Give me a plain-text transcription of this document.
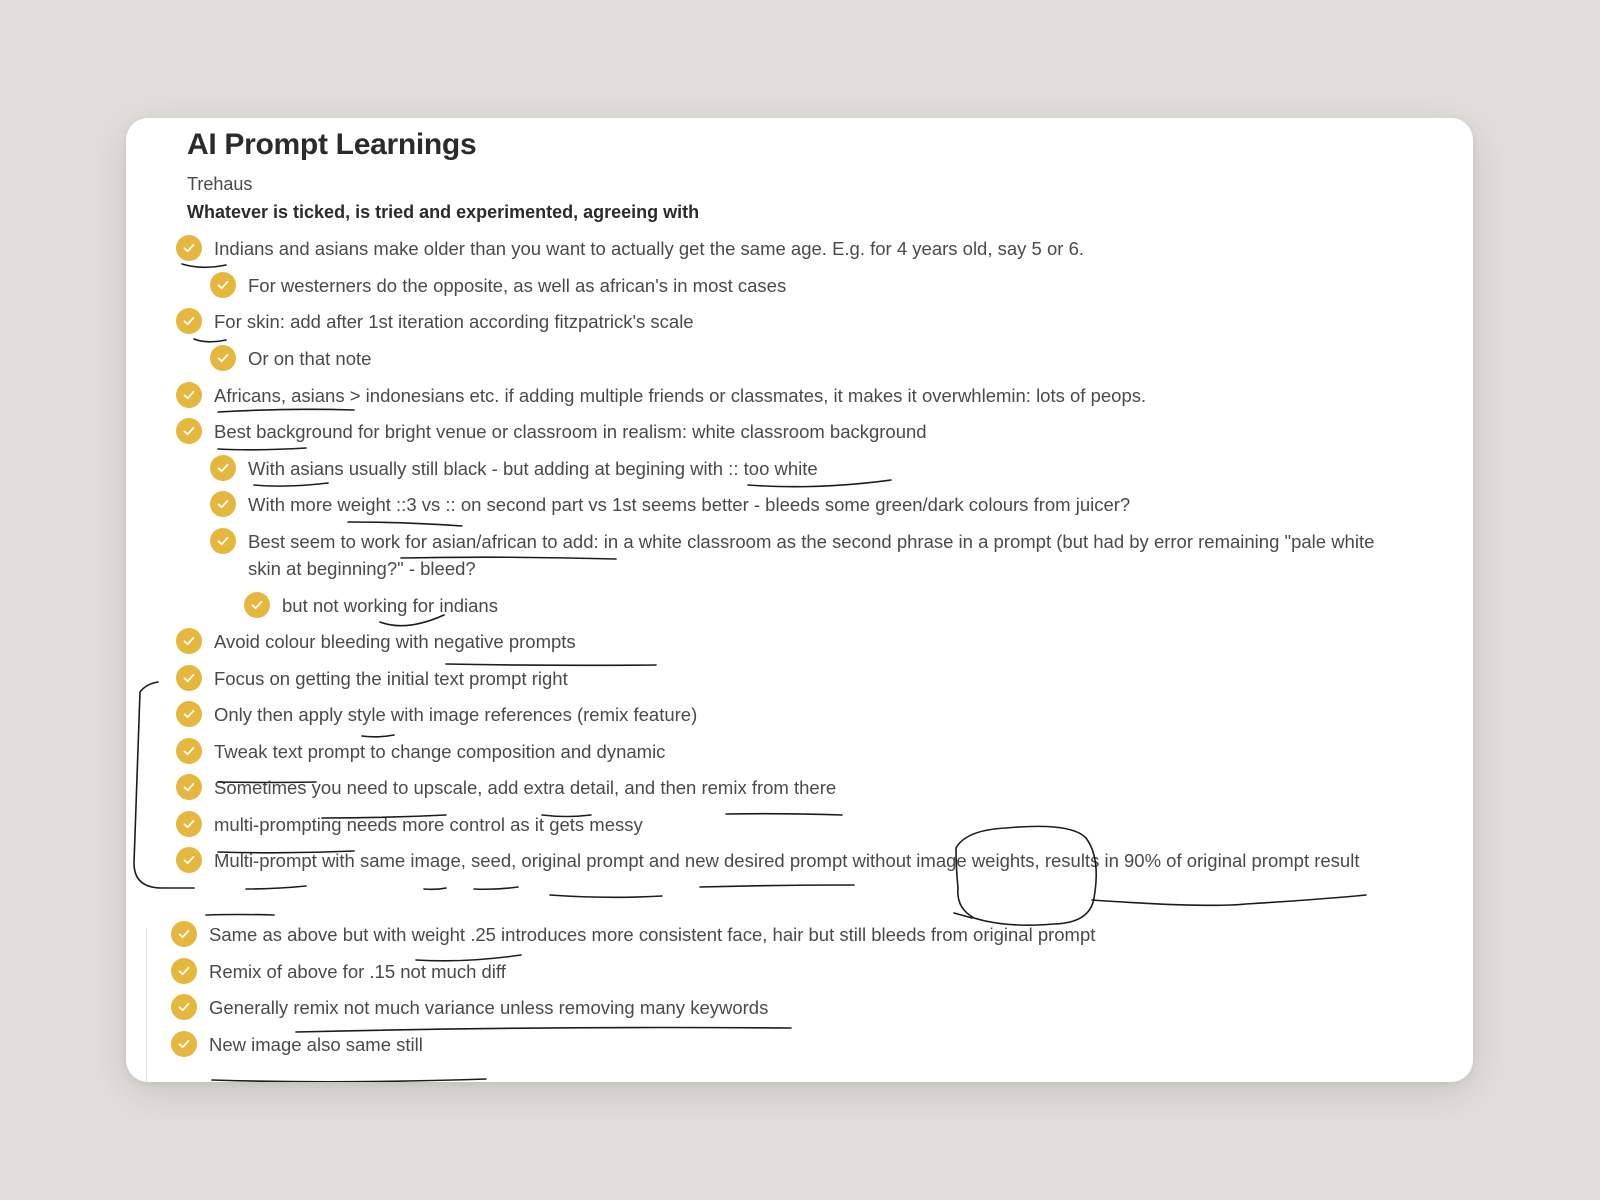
AI Prompt Learnings
Trehaus
Whatever is ticked, is tried and experimented, agreeing with
Indians and asians make older than you want to actually get the same age. E.g. for 4 years old, say 5 or 6.
For westerners do the opposite, as well as african's in most cases
For skin: add after 1st iteration according fitzpatrick's scale
Or on that note
Africans, asians > indonesians etc. if adding multiple friends or classmates, it makes it overwhlemin: lots of peops.
Best background for bright venue or classroom in realism: white classroom background
With asians usually still black - but adding at begining with :: too white
With more weight ::3 vs :: on second part vs 1st seems better - bleeds some green/dark colours from juicer?
Best seem to work for asian/african to add: in a white classroom as the second phrase in a prompt (but had by error remaining "pale white skin at beginning?" - bleed?
but not working for indians
Avoid colour bleeding with negative prompts
Focus on getting the initial text prompt right
Only then apply style with image references (remix feature)
Tweak text prompt to change composition and dynamic
Sometimes you need to upscale, add extra detail, and then remix from there
multi-prompting needs more control as it gets messy
Multi-prompt with same image, seed, original prompt and new desired prompt without image weights, results in 90% of original prompt result
Same as above but with weight .25 introduces more consistent face, hair but still bleeds from original prompt
Remix of above for .15 not much diff
Generally remix not much variance unless removing many keywords
New image also same still
